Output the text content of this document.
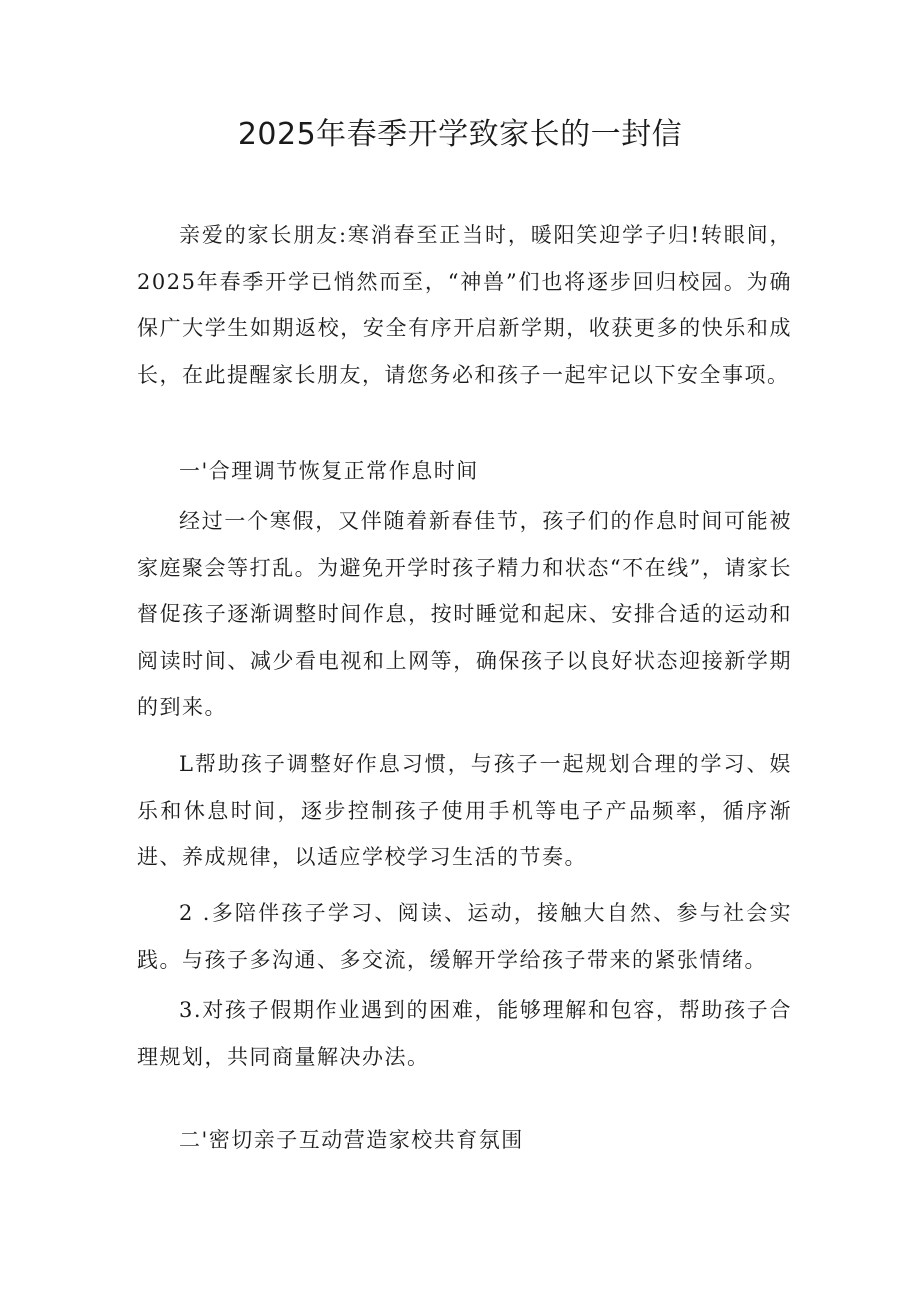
2025年春季开学致家长的一封信

亲爱的家长朋友:寒消春至正当时，暖阳笑迎学子归!转眼间，2025年春季开学已悄然而至，“神兽”们也将逐步回归校园。为确保广大学生如期返校，安全有序开启新学期，收获更多的快乐和成长，在此提醒家长朋友，请您务必和孩子一起牢记以下安全事项。

一'合理调节恢复正常作息时间

经过一个寒假，又伴随着新春佳节，孩子们的作息时间可能被家庭聚会等打乱。为避免开学时孩子精力和状态“不在线”，请家长督促孩子逐渐调整时间作息，按时睡觉和起床、安排合适的运动和阅读时间、减少看电视和上网等，确保孩子以良好状态迎接新学期的到来。

L帮助孩子调整好作息习惯，与孩子一起规划合理的学习、娱乐和休息时间，逐步控制孩子使用手机等电子产品频率，循序渐进、养成规律，以适应学校学习生活的节奏。

2 .多陪伴孩子学习、阅读、运动，接触大自然、参与社会实践。与孩子多沟通、多交流，缓解开学给孩子带来的紧张情绪。

3.对孩子假期作业遇到的困难，能够理解和包容，帮助孩子合理规划，共同商量解决办法。

二'密切亲子互动营造家校共育氛围
